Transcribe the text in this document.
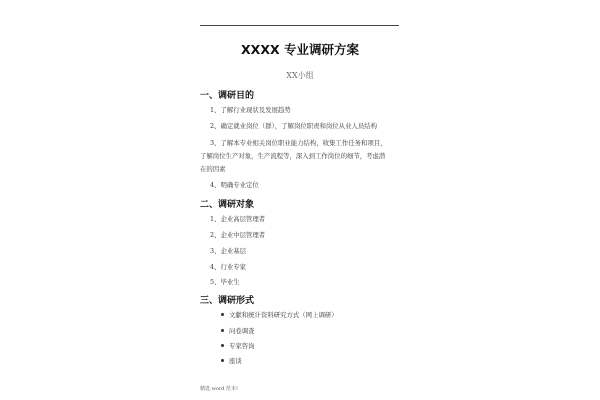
XXXX 专业调研方案
XX小组
一、调研目的
1、了解行业现状及发展趋势
2、确定就业岗位（群），了解岗位职责和岗位从业人员结构
3、了解本专业相关岗位职业能力结构，收集工作任务和项目，
了解岗位生产对象，生产流程等，深入到工作岗位的细节，考虑潜
在的因素
4、明确专业定位
二、调研对象
1、企业高层管理者
2、企业中层管理者
3、企业基层
4、行业专家
5、毕业生
三、调研形式
文献和统计资料研究方式（网上调研）
问卷调查
专家咨询
座谈
精选 word 范本!
